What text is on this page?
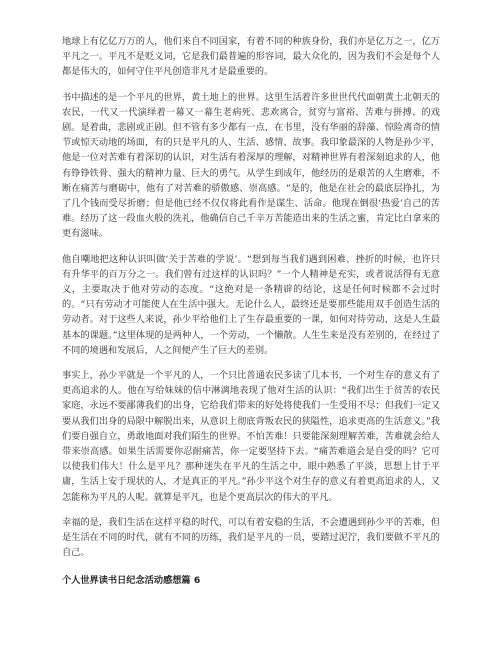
地球上有亿亿万万的人，他们来自不同国家，有着不同的种族身份，我们亦是亿万之一，亿万平凡之一。平凡不是贬义词，它是我们最普遍的形容词，最大众化的，因为我们不会是每个人都是伟大的，如何守住平凡创造非凡才是最重要的。

书中描述的是一个平凡的世界，黄土地上的世界。这里生活着许多世世代代面朝黄土北朝天的农民，一代又一代演绎着一幕又一幕生老病死、悲欢离合，贫穷与富裕、苦难与拼搏、的戏剧。是着曲，悲剧或正剧。但不管有多少都有一点，在书里，没有华丽的辞藻、惊险离奇的情节或惊天动地的场面，有的只是平凡的人、生活、感情、故事。我印象最深的人物是孙少平，他是一位对苦难有着深切的认识，对生活有着深厚的理解，对精神世界有着深刻追求的人，他有铮铮铁骨、强大的精神力量、巨大的勇气。从学生到成年，他经历的是艰苦的人生磨难，不断在痛苦与磨砺中，他有了对苦难的骄傲感、崇高感。“是的，他是在社会的最底层挣扎，为了几个钱而受尽折磨；但是他已经不仅仅将此看作是谋生、活命。他现在倒很‘热爱’自己的苦难。经历了这一段血火般的洗礼，他确信自己千辛万苦能造出来的生活之蜜，肯定比白拿来的更有滋味。

他自嘲地把这种认识叫做‘关于苦难的学说’。“想到每当我们遇到困难、挫折的时候，也许只有升华平的百万分之一。我们曾有过这样的认识吗？”一个人精神是充实，或者说活得有无意义，主要取决于他对劳动的态度。“这绝对是一条精辟的结论，这是任何时候都不会过时的。“只有劳动才可能使人在生活中强大。无论什么人，最终还是要那些能用双手创造生活的劳动者。对于这些人来说，孙少平给他们上了生存最重要的一课，如何对待劳动，这是人生最基本的课题。”这里体现的是两种人，一个劳动，一个懒散。人生生来是没有差别的，在经过了不同的境遇和发展后，人之间便产生了巨大的差别。

事实上，孙少平就是一个平凡的人，一个只比普通农民多读了几本书，一个对生存的意义有了更高追求的人。他在写给妹妹的信中淋漓地表现了他对生活的认识：“我们出生于贫苦的农民家庭，永远不要鄙薄我们的出身，它给我们带来的好处将使我们一生受用不尽；但我们一定又要从我们出身的局限中解脱出来，从意识上彻底背叛农民的狭隘性，追求更高的生活意义。”我们要自强自立，勇敢地面对我们陌生的世界。不怕苦难！只要能深刻理解苦难，苦难就会给人带来崇高感。如果生活需要你忍耐痛苦，你一定要坚持下去。“痛苦难道会是自受的吗？它可以使我们伟大！什么是平凡？那种迷失在平凡的生活之中，眼中熟悉了平淡，思想上甘于平庸，生活上安于现状的人，才是真正的平凡。”孙少平这个对生存的意义有着更高追求的人，又怎能称为平凡的人呢。就算是平凡，也是个更高层次的伟大的平凡。

幸福的是，我们生活在这样平稳的时代，可以有着安稳的生活，不会遭遇到孙少平的苦难，但是生活在不同的时代，就有不同的历练，我们是平凡的一员，要踏过泥泞，我们要做不平凡的自己。

个人世界读书日纪念活动感想篇 6
